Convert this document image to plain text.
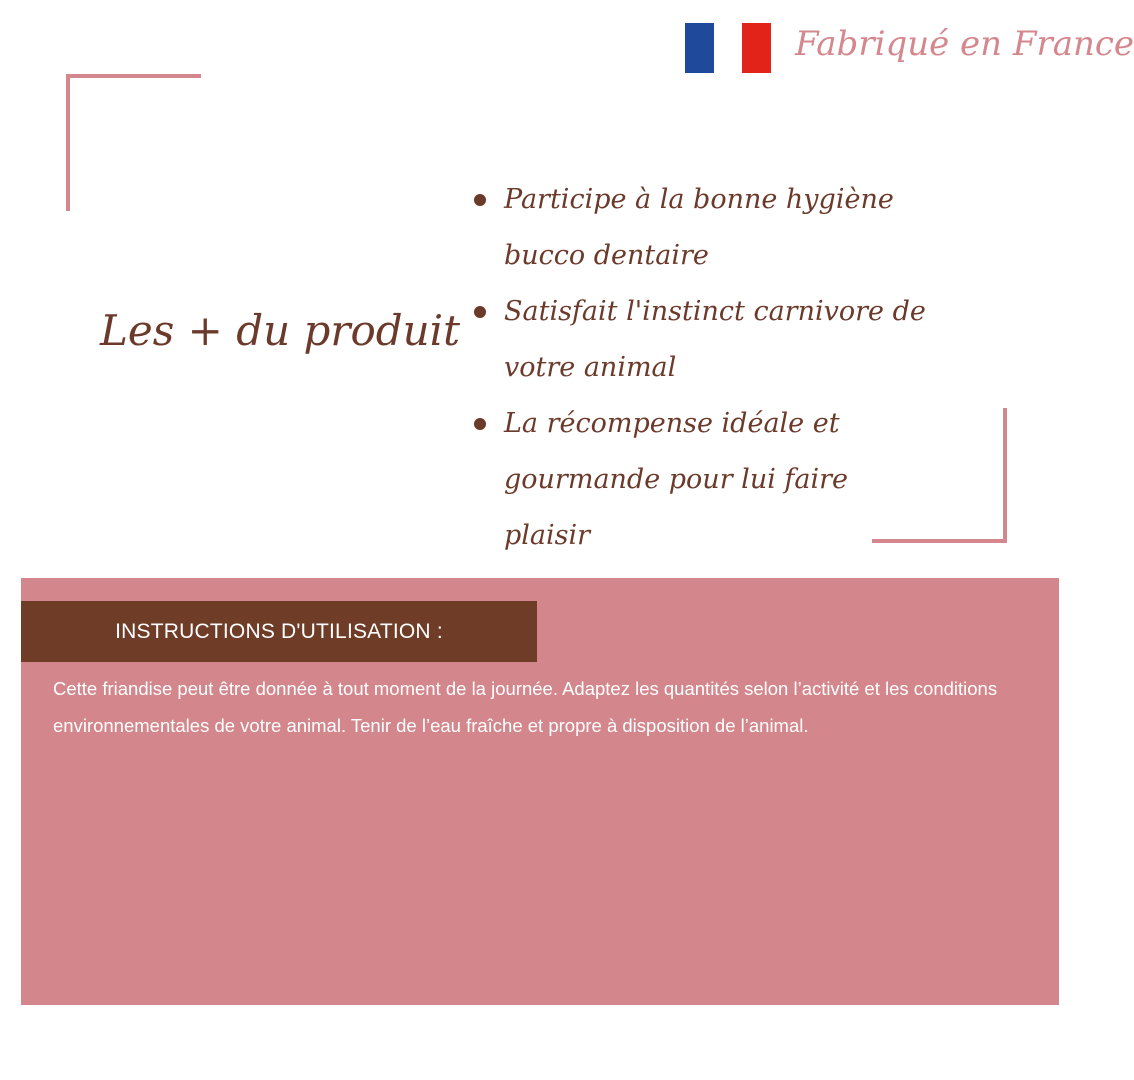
Fabriqué en France
Les + du produit
Participe à la bonne hygiène bucco dentaire
Satisfait l'instinct carnivore de votre animal
La récompense idéale et gourmande pour lui faire plaisir
INSTRUCTIONS D'UTILISATION :

Cette friandise peut être donnée à tout moment de la journée. Adaptez les quantités selon l’activité et les conditions environnementales de votre animal. Tenir de l’eau fraîche et propre à disposition de l’animal.
